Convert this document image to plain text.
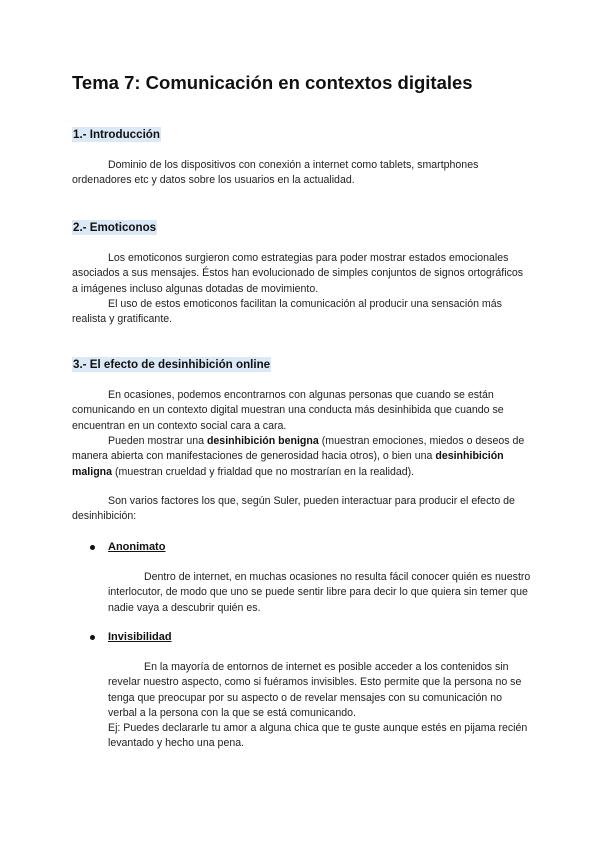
Tema 7: Comunicación en contextos digitales
1.- Introducción

Dominio de los dispositivos con conexión a internet como tablets, smartphones ordenadores etc y datos sobre los usuarios en la actualidad.

2.- Emoticonos

Los emoticonos surgieron como estrategias para poder mostrar estados emocionales asociados a sus mensajes. Éstos han evolucionado de simples conjuntos de signos ortográficos a imágenes incluso algunas dotadas de movimiento.

El uso de estos emoticonos facilitan la comunicación al producir una sensación más realista y gratificante.

3.- El efecto de desinhibición online

En ocasiones, podemos encontrarnos con algunas personas que cuando se están comunicando en un contexto digital muestran una conducta más desinhibida que cuando se encuentran en un contexto social cara a cara.

Pueden mostrar una desinhibición benigna (muestran emociones, miedos o deseos de manera abierta con manifestaciones de generosidad hacia otros), o bien una desinhibición maligna (muestran crueldad y frialdad que no mostrarían en la realidad).

Son varios factores los que, según Suler, pueden interactuar para producir el efecto de desinhibición:

Anonimato

Dentro de internet, en muchas ocasiones no resulta fácil conocer quién es nuestro interlocutor, de modo que uno se puede sentir libre para decir lo que quiera sin temer que nadie vaya a descubrir quién es.

Invisibilidad

En la mayoría de entornos de internet es posible acceder a los contenidos sin revelar nuestro aspecto, como si fuéramos invisibles. Esto permite que la persona no se tenga que preocupar por su aspecto o de revelar mensajes con su comunicación no verbal a la persona con la que se está comunicando.

Ej: Puedes declararle tu amor a alguna chica que te guste aunque estés en pijama recién levantado y hecho una pena.
